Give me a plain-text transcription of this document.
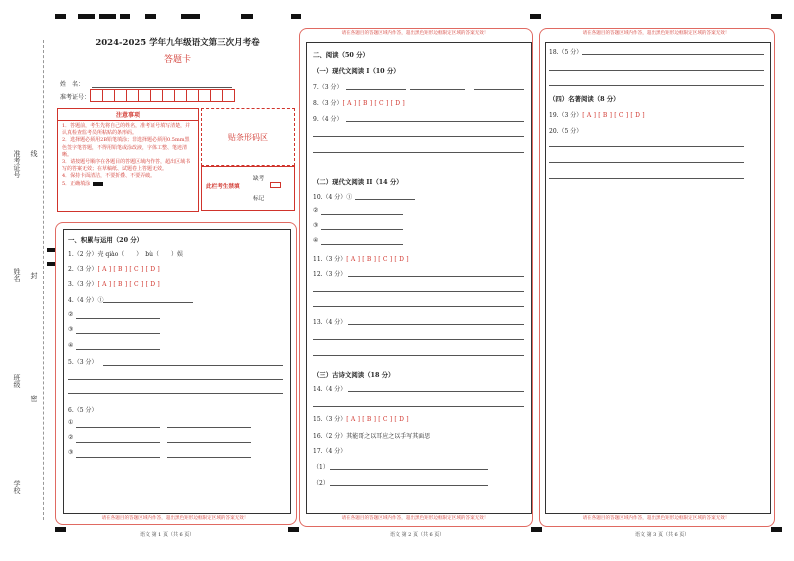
准考证号 线
姓名 封
班级
密
学校
2024-2025 学年九年级语文第三次月考卷
答题卡
姓　名：
准考证号：
注意事项
1．答题前，考生先将自己的姓名，准考证号填写清楚，并认真检查监考员所粘贴的条形码。
2．选择题必须用2B铅笔填涂；非选择题必须用0.5mm黑色签字笔答题，不得用铅笔或涂改液，字体工整、笔迹清晰。
3．请按题号顺序在各题目的答题区域内作答，超出区域书写的答案无效；在草稿纸、试题卷上答题无效。
4．保持卡面清洁，不要折叠、不要弄破。
5．正确填涂
贴条形码区
此栏考生禁填
缺考
标记
一、积累与运用（20 分）
1.（2 分）壳 qiào（　　）　bù（　　）娱
2.（3 分）[ A ] [ B ] [ C ] [ D ]
3.（3 分）[ A ] [ B ] [ C ] [ D ]
4.（4 分）①
②
③
④
5.（3 分）
6.（5 分）
①
②
③
请在各题目的答题区域内作答，超出黑色矩形边框限定区域的答案无效！
语文 第 1 页（共 6 页）
请在各题目的答题区域内作答，超出黑色矩形边框限定区域的答案无效！
二、阅读（50 分）
（一）现代文阅读 I（10 分）
7.（3 分）
8.（3 分）[ A ] [ B ] [ C ] [ D ]
9.（4 分）
（二）现代文阅读 II（14 分）
10.（4 分）①
②
③
④
11.（3 分）[ A ] [ B ] [ C ] [ D ]
12.（3 分）
13.（4 分）
（三）古诗文阅读（18 分）
14.（4 分）
15.（3 分）[ A ] [ B ] [ C ] [ D ]
16.（2 分）其能哥之以耳应之以手写其面思
17.（4 分）
（1）
（2）
请在各题目的答题区域内作答，超出黑色矩形边框限定区域的答案无效！
语文 第 2 页（共 6 页）
请在各题目的答题区域内作答，超出黑色矩形边框限定区域的答案无效！
18.（5 分）
（四）名著阅读（8 分）
19.（3 分）[ A ] [ B ] [ C ] [ D ]
20.（5 分）
请在各题目的答题区域内作答，超出黑色矩形边框限定区域的答案无效！
语文 第 3 页（共 6 页）
